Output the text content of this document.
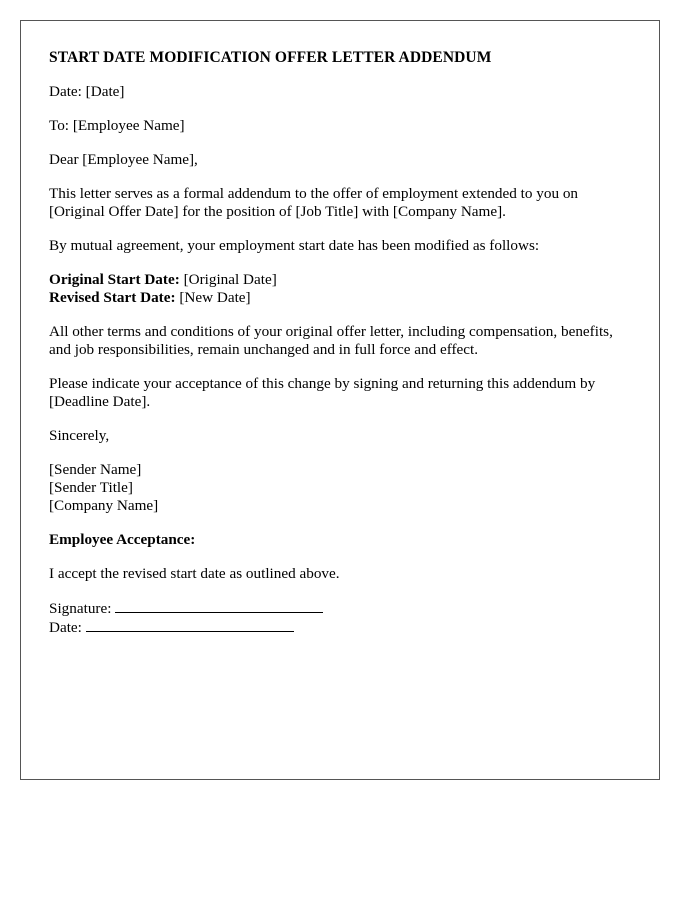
START DATE MODIFICATION OFFER LETTER ADDENDUM

Date: [Date]

To: [Employee Name]

Dear [Employee Name],

This letter serves as a formal addendum to the offer of employment extended to you on [Original Offer Date] for the position of [Job Title] with [Company Name].

By mutual agreement, your employment start date has been modified as follows:

Original Start Date: [Original Date]
Revised Start Date: [New Date]

All other terms and conditions of your original offer letter, including compensation, benefits, and job responsibilities, remain unchanged and in full force and effect.

Please indicate your acceptance of this change by signing and returning this addendum by [Deadline Date].

Sincerely,

[Sender Name]
[Sender Title]
[Company Name]

Employee Acceptance:

I accept the revised start date as outlined above.

Signature:
Date:
